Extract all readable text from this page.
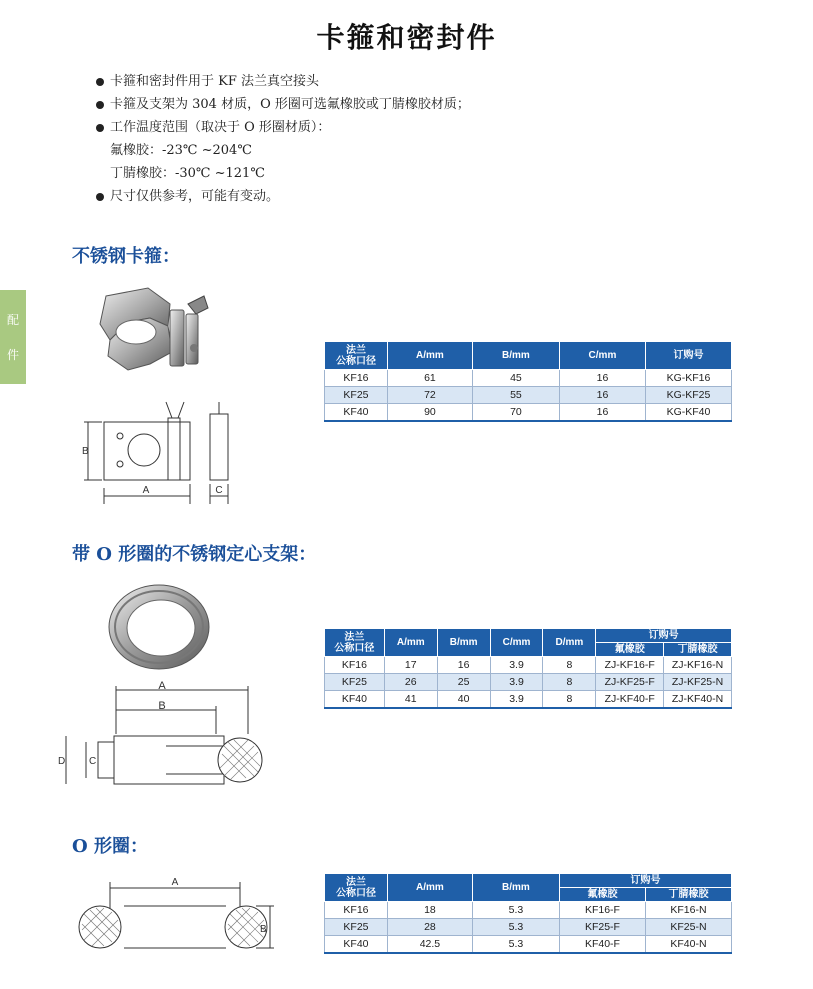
卡箍和密封件
配
件
卡箍和密封件用于 KF 法兰真空接头
卡箍及支架为 304 材质，O 形圈可选氟橡胶或丁腈橡胶材质；
工作温度范围（取决于 O 形圈材质）：
氟橡胶：-23℃ ~204℃
丁腈橡胶：-30℃ ~121℃
尺寸仅供参考，可能有变动。
不锈钢卡箍：
A	C
B
法兰
公称口径	A/mm	B/mm	C/mm	订购号
KF16	61	45	16	KG-KF16
KF25	72	55	16	KG-KF25
KF40	90	70	16	KG-KF40
带 O 形圈的不锈钢定心支架：
A
B
C
D
法兰
公称口径	A/mm	B/mm	C/mm	D/mm	订购号	
					氟橡胶	丁腈橡胶
KF16	17	16	3.9	8	ZJ-KF16-F	ZJ-KF16-N
KF25	26	25	3.9	8	ZJ-KF25-F	ZJ-KF25-N
KF40	41	40	3.9	8	ZJ-KF40-F	ZJ-KF40-N
O 形圈：
A
B
法兰
公称口径	A/mm	B/mm	订购号	
			氟橡胶	丁腈橡胶
KF16	18	5.3	KF16-F	KF16-N
KF25	28	5.3	KF25-F	KF25-N
KF40	42.5	5.3	KF40-F	KF40-N
